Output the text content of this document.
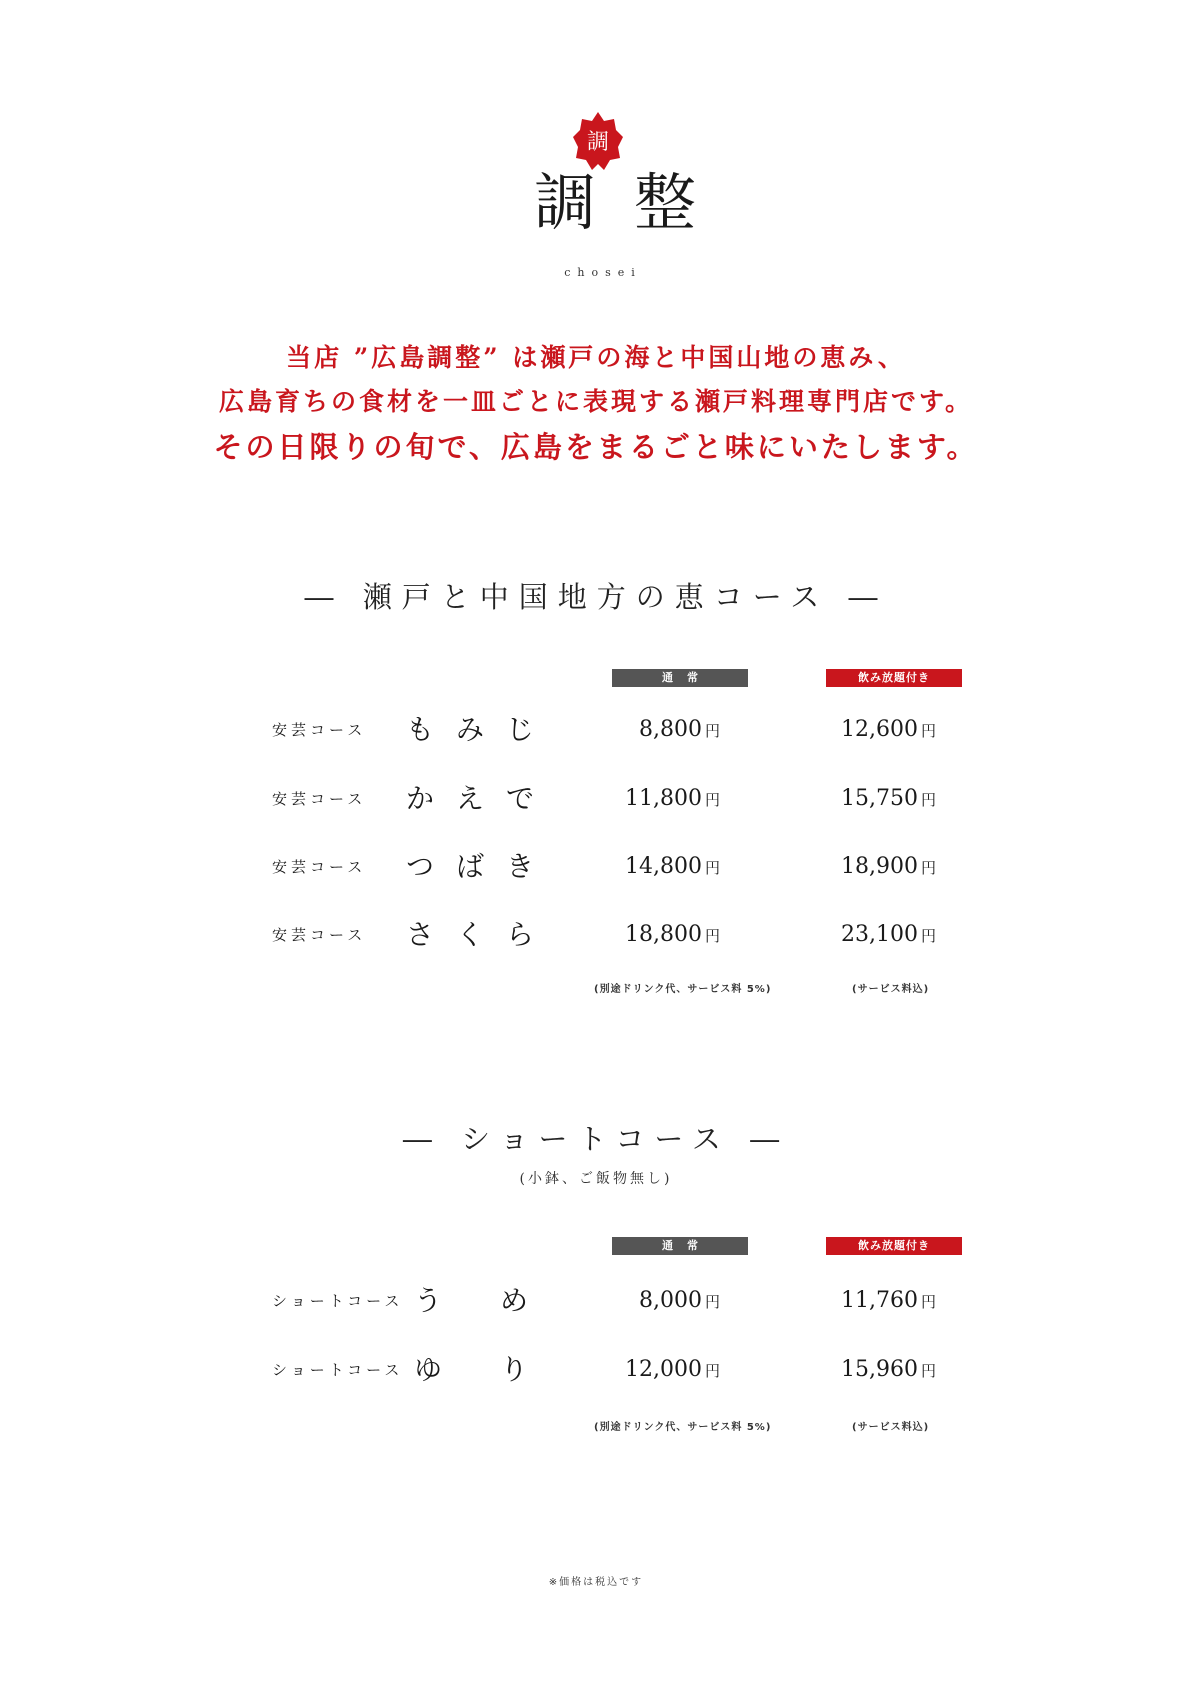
調
調整
chosei
当店 ”広島調整” は瀬戸の海と中国山地の恵み、
広島育ちの食材を一皿ごとに表現する瀬戸料理専門店です。
その日限りの旬で、広島をまるごと味にいたします。
― 瀬戸と中国地方の恵コース ―
通常	飲み放題付き
安芸コース も み じ	8,800 円	12,600 円
安芸コース か え で	11,800 円	15,750 円
安芸コース つ ば き	14,800 円	18,900 円
安芸コース さ く ら	18,800 円	23,100 円
(別途ドリンク代、サービス料 5%)	(サービス料込)
― ショートコース ―
(小鉢、ご飯物無し)
通常	飲み放題付き
ショートコース う め	8,000 円	11,760 円
ショートコース ゆ り	12,000 円	15,960 円
(別途ドリンク代、サービス料 5%)	(サービス料込)
※価格は税込です
